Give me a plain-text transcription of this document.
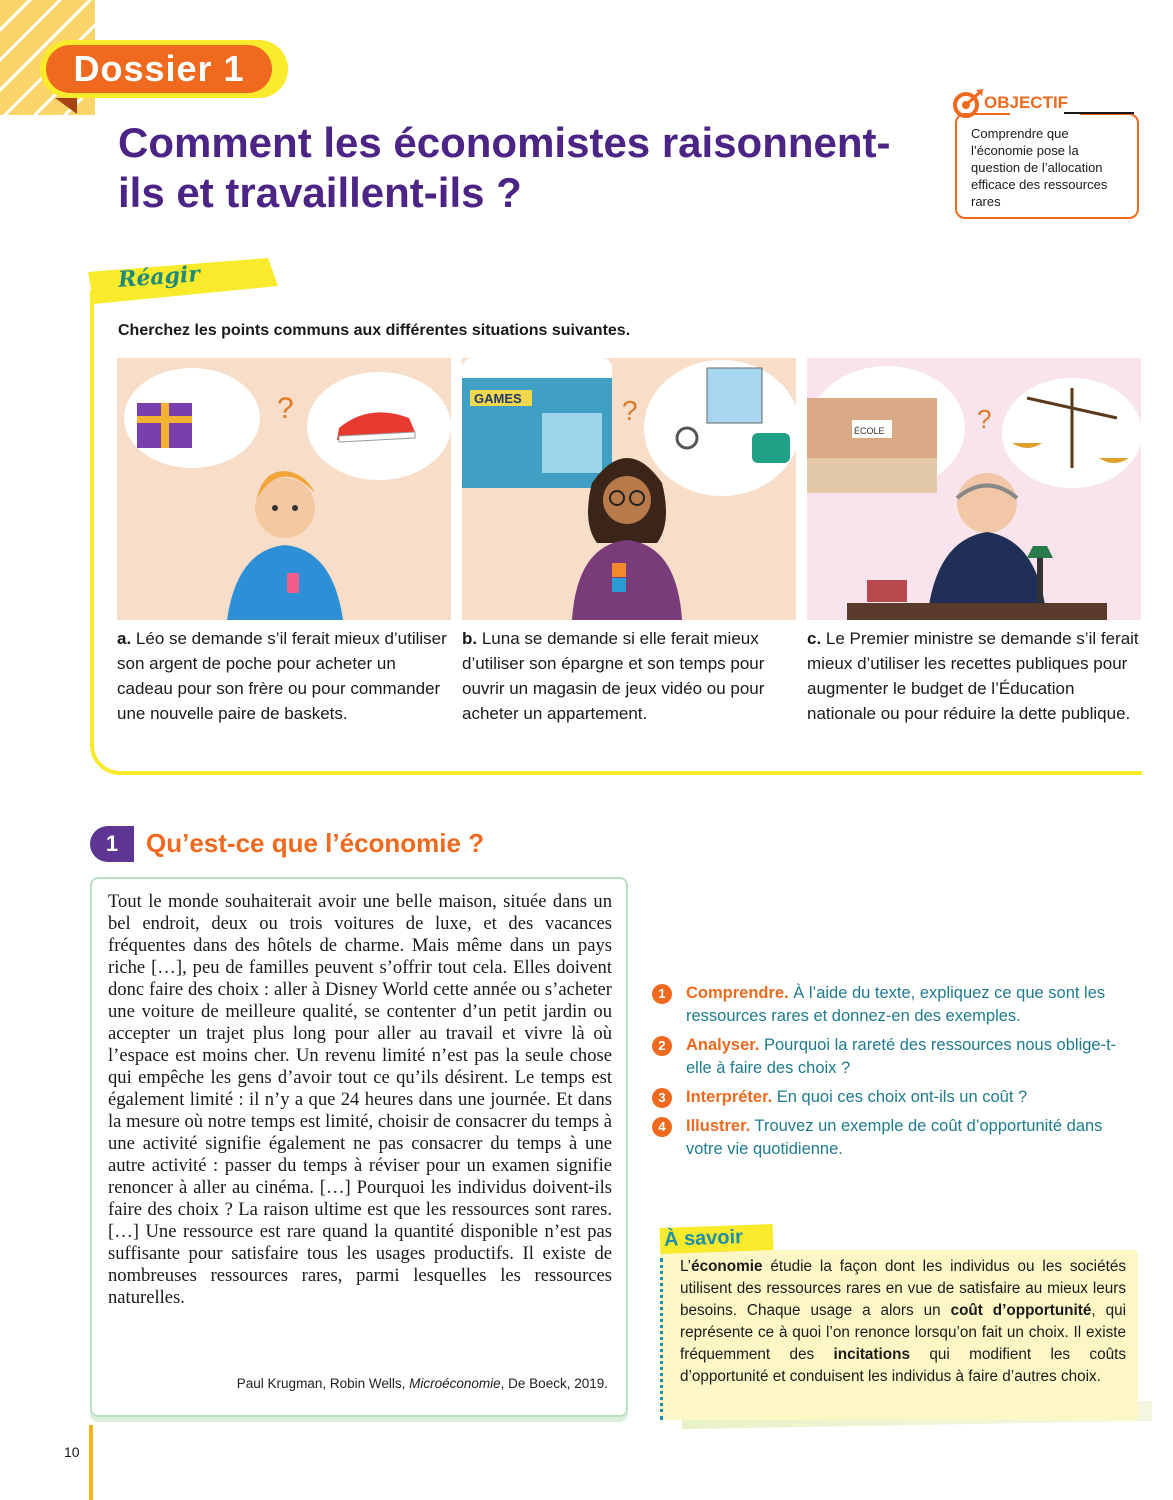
Dossier 1
Comment les économistes raisonnent-ils et travaillent-ils ?
Comprendre que l’économie pose la question de l’allocation efficace des ressources rares
OBJECTIF
Réagir
Cherchez les points communs aux différentes situations suivantes.
?
a. Léo se demande s’il ferait mieux d’utiliser son argent de poche pour acheter un cadeau pour son frère ou pour commander une nouvelle paire de baskets.
GAMES	?
b. Luna se demande si elle ferait mieux d’utiliser son épargne et son temps pour ouvrir un magasin de jeux vidéo ou pour acheter un appartement.
ÉCOLE	?
c. Le Premier ministre se demande s’il ferait mieux d’utiliser les recettes publiques pour augmenter le budget de l’Éducation nationale ou pour réduire la dette publique.
1	Qu’est-ce que l’économie ?
Tout le monde souhaiterait avoir une belle maison, située dans un bel endroit, deux ou trois voitures de luxe, et des vacances fréquentes dans des hôtels de charme. Mais même dans un pays riche […], peu de familles peuvent s’offrir tout cela. Elles doivent donc faire des choix : aller à Disney World cette année ou s’acheter une voiture de meilleure qualité, se contenter d’un petit jardin ou accepter un trajet plus long pour aller au travail et vivre là où l’espace est moins cher. Un revenu limité n’est pas la seule chose qui empêche les gens d’avoir tout ce qu’ils désirent. Le temps est également limité : il n’y a que 24 heures dans une journée. Et dans la mesure où notre temps est limité, choisir de consacrer du temps à une activité signifie également ne pas consacrer du temps à une autre activité : passer du temps à réviser pour un examen signifie renoncer à aller au cinéma. […] Pourquoi les individus doivent-ils faire des choix ? La raison ultime est que les ressources sont rares. […] Une ressource est rare quand la quantité disponible n’est pas suffisante pour satisfaire tous les usages productifs. Il existe de nombreuses ressources rares, parmi lesquelles les ressources naturelles.
Paul Krugman, Robin Wells, Microéconomie, De Boeck, 2019.
1	Comprendre. À l’aide du texte, expliquez ce que sont les ressources rares et donnez-en des exemples.
2	Analyser. Pourquoi la rareté des ressources nous oblige-t-elle à faire des choix ?
3	Interpréter. En quoi ces choix ont-ils un coût ?
4	Illustrer. Trouvez un exemple de coût d’opportunité dans votre vie quotidienne.
À savoir
L’économie étudie la façon dont les individus ou les sociétés utilisent des ressources rares en vue de satisfaire au mieux leurs besoins. Chaque usage a alors un coût d’opportunité, qui représente ce à quoi l’on renonce lorsqu’on fait un choix. Il existe fréquemment des incitations qui modifient les coûts d’opportunité et conduisent les individus à faire d’autres choix.
10
